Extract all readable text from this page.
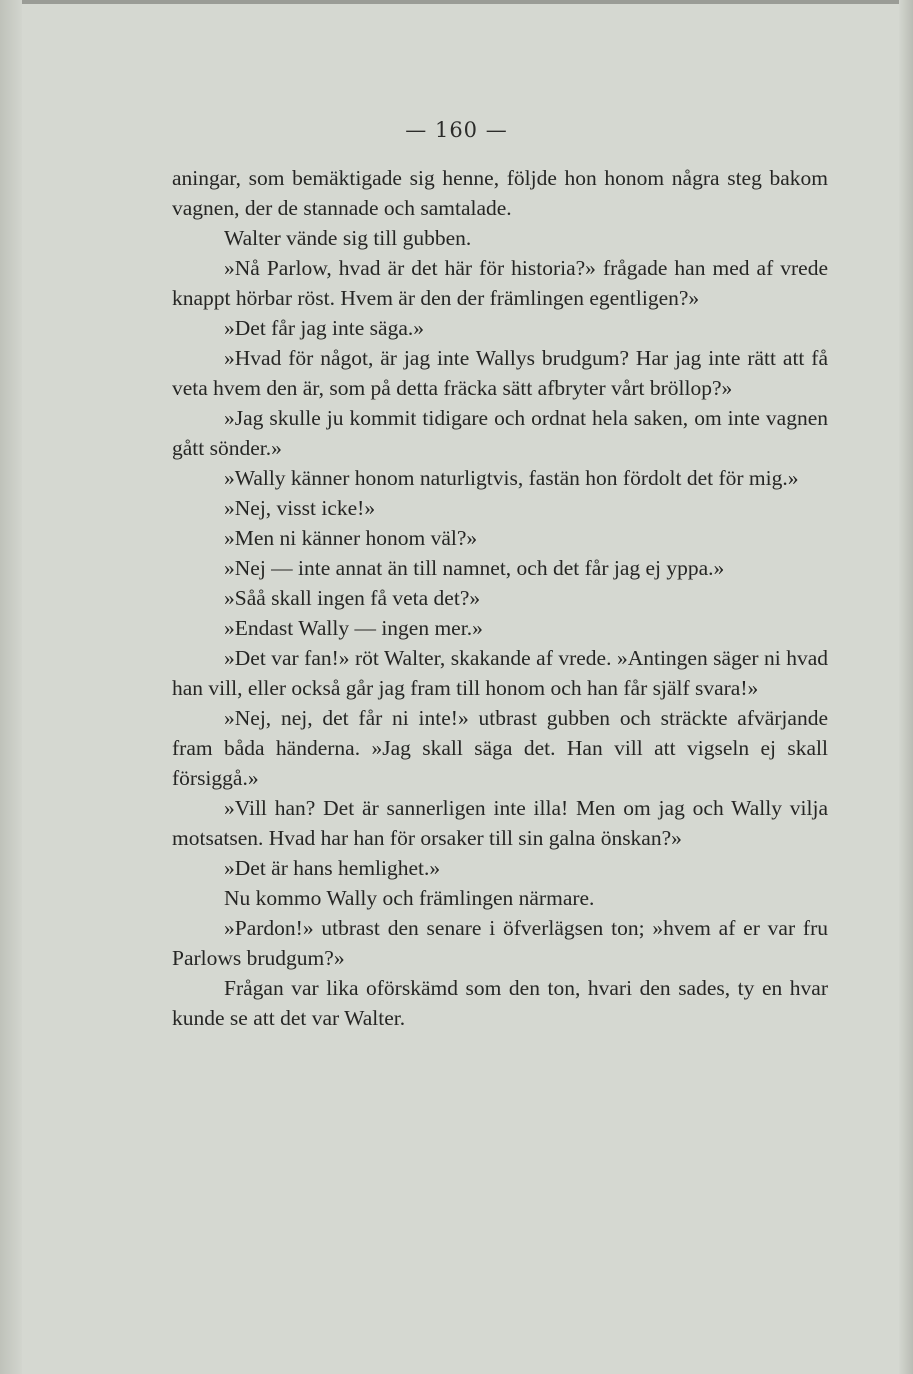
— 160 —

aningar, som bemäktigade sig henne, följde hon honom några steg bakom vagnen, der de stannade och samtalade.

Walter vände sig till gubben.

»Nå Parlow, hvad är det här för historia?» frågade han med af vrede knappt hörbar röst. Hvem är den der främlingen egentligen?»

»Det får jag inte säga.»

»Hvad för något, är jag inte Wallys brudgum? Har jag inte rätt att få veta hvem den är, som på detta fräcka sätt afbryter vårt bröllop?»

»Jag skulle ju kommit tidigare och ordnat hela saken, om inte vagnen gått sönder.»

»Wally känner honom naturligtvis, fastän hon fördolt det för mig.»

»Nej, visst icke!»

»Men ni känner honom väl?»

»Nej — inte annat än till namnet, och det får jag ej yppa.»

»Såå skall ingen få veta det?»

»Endast Wally — ingen mer.»

»Det var fan!» röt Walter, skakande af vrede. »Antingen säger ni hvad han vill, eller också går jag fram till honom och han får själf svara!»

»Nej, nej, det får ni inte!» utbrast gubben och sträckte afvärjande fram båda händerna. »Jag skall säga det. Han vill att vigseln ej skall försiggå.»

»Vill han? Det är sannerligen inte illa! Men om jag och Wally vilja motsatsen. Hvad har han för orsaker till sin galna önskan?»

»Det är hans hemlighet.»

Nu kommo Wally och främlingen närmare.

»Pardon!» utbrast den senare i öfverlägsen ton; »hvem af er var fru Parlows brudgum?»

Frågan var lika oförskämd som den ton, hvari den sades, ty en hvar kunde se att det var Walter.
